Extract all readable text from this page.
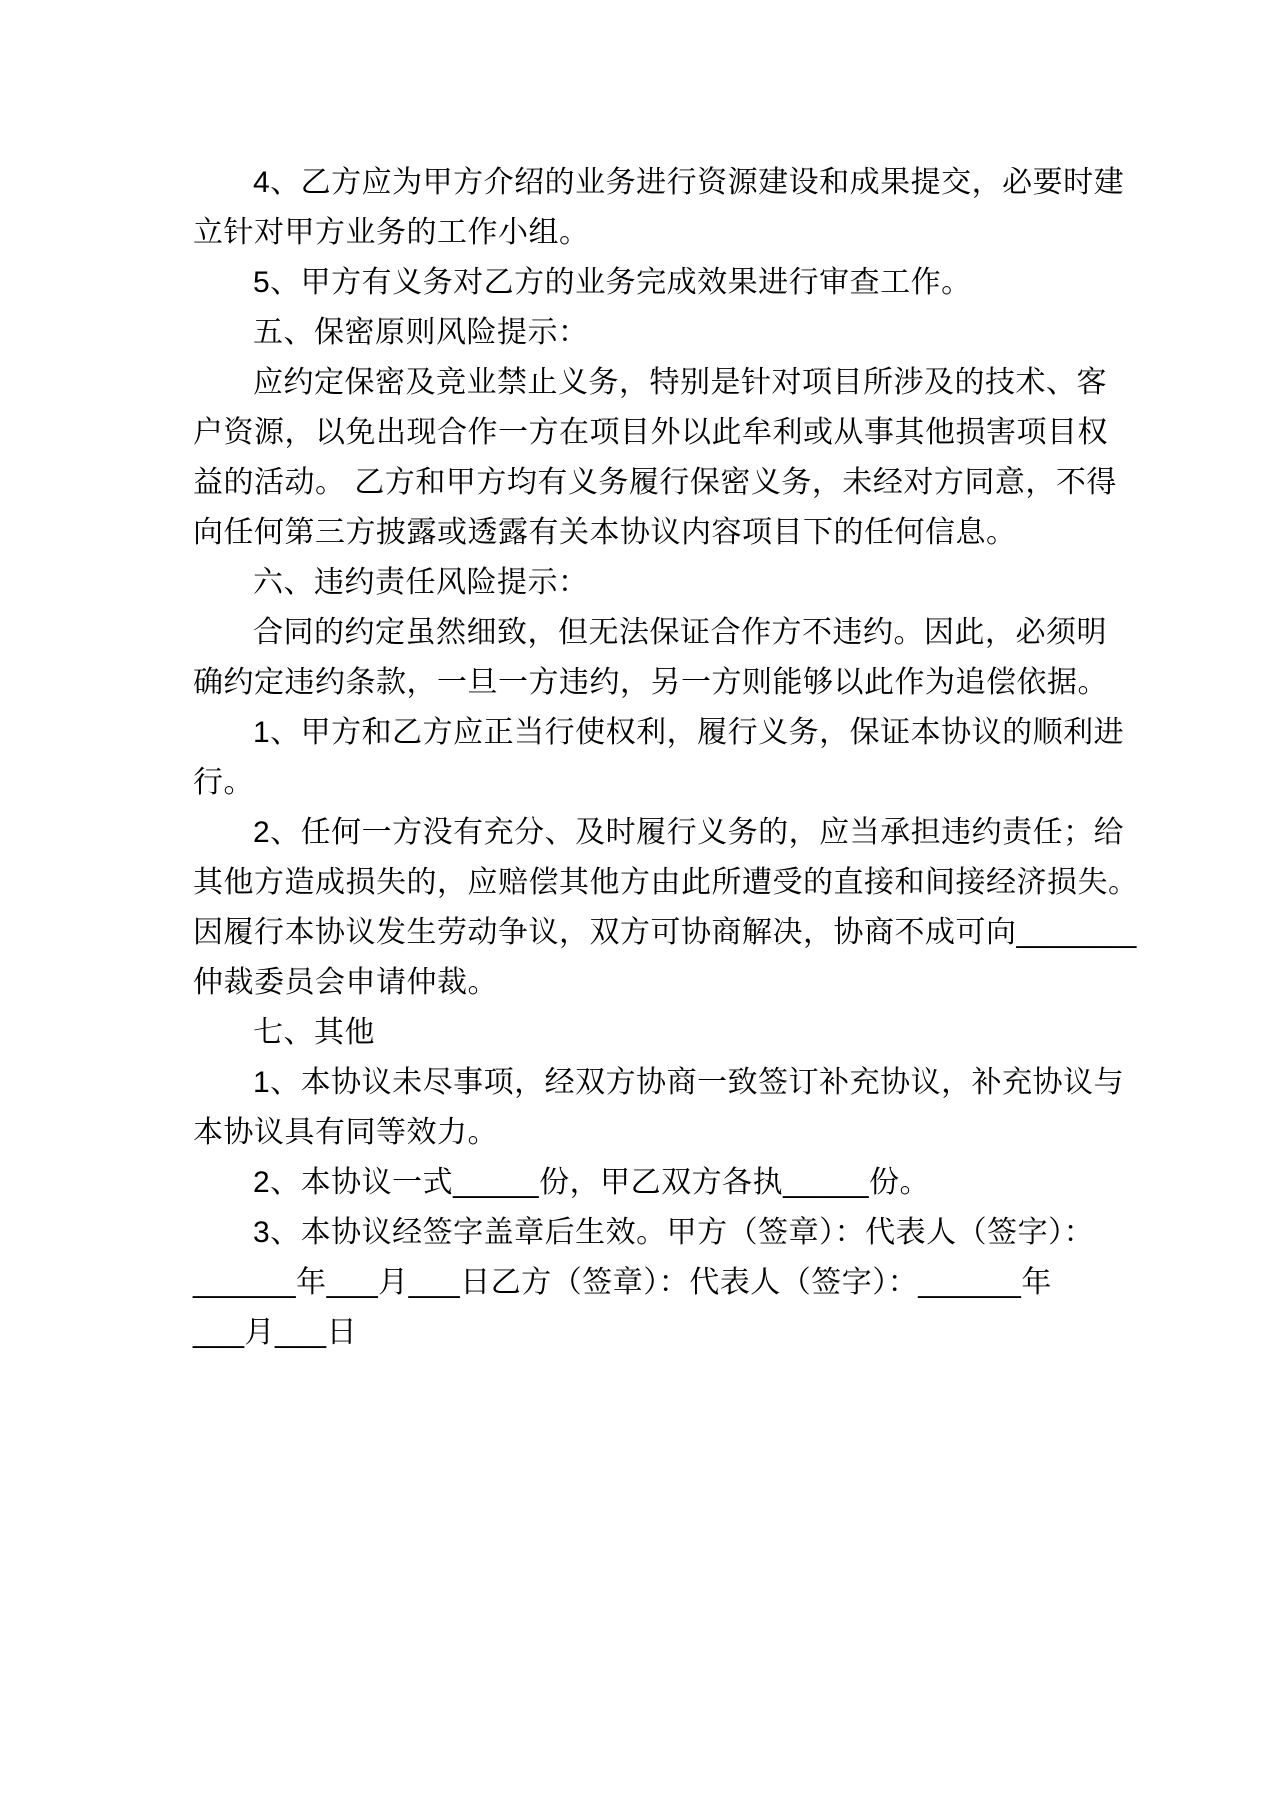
4、乙方应为甲方介绍的业务进行资源建设和成果提交，必要时建
立针对甲方业务的工作小组。
5、甲方有义务对乙方的业务完成效果进行审查工作。
五、保密原则风险提示：
应约定保密及竞业禁止义务，特别是针对项目所涉及的技术、客
户资源，以免出现合作一方在项目外以此牟利或从事其他损害项目权
益的活动。 乙方和甲方均有义务履行保密义务，未经对方同意，不得
向任何第三方披露或透露有关本协议内容项目下的任何信息。
六、违约责任风险提示：
合同的约定虽然细致，但无法保证合作方不违约。因此，必须明
确约定违约条款，一旦一方违约，另一方则能够以此作为追偿依据。
1、甲方和乙方应正当行使权利，履行义务，保证本协议的顺利进
行。
2、任何一方没有充分、及时履行义务的，应当承担违约责任；给
其他方造成损失的，应赔偿其他方由此所遭受的直接和间接经济损失。
因履行本协议发生劳动争议，双方可协商解决，协商不成可向_______
仲裁委员会申请仲裁。
七、其他
1、本协议未尽事项，经双方协商一致签订补充协议，补充协议与
本协议具有同等效力。
2、本协议一式_____份，甲乙双方各执_____份。
3、本协议经签字盖章后生效。甲方（签章）：代表人（签字）：
______年___月___日乙方（签章）：代表人（签字）：______年
___月___日
